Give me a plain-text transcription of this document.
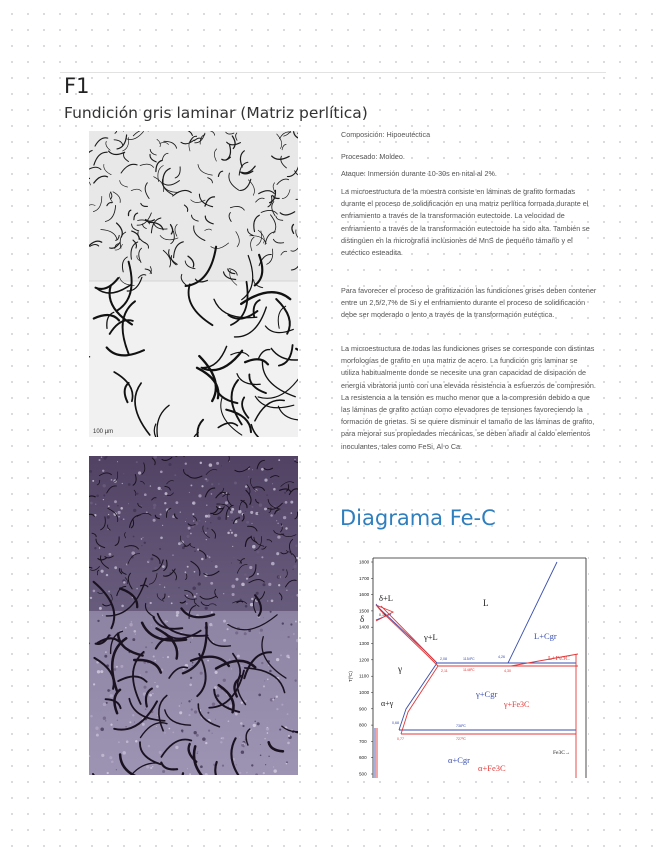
F1
Fundición gris laminar (Matriz perlítica)
100 µm
Composición: Hipoeutéctica
Procesado: Moldeo.
Ataque: Inmersión durante 10-30s en nital al 2%.
La microestructura de la muestra consiste en láminas de grafito formadas durante el proceso de solidificación en una matriz perlítica formada durante el enfriamiento a través de la transformación eutectoide. La velocidad de enfriamiento a través de la transformación eutectoide ha sido alta. También se distinguen en la micrografía inclusiones de MnS de pequeño tamaño y el eutéctico esteadita.
Para favorecer el proceso de grafitización las fundiciones grises deben contener entre un 2,5/2,7% de Si y el enfriamiento durante el proceso de solidificación debe ser moderado o lento a través de la transformación eutéctica.
La microestructura de todas las fundiciones grises se corresponde con distintas morfologías de grafito en una matriz de acero. La fundición gris laminar se utiliza habitualmente donde se necesite una gran capacidad de disipación de energía vibratoria junto con una elevada resistencia a esfuerzos de compresión. La resistencia a la tensión es mucho menor que a la compresión debido a que las láminas de grafito actúan como elevadores de tensiones favoreciendo la formación de grietas. Si se quiere disminuir el tamaño de las láminas de grafito, para mejorar sus propiedades mecánicas, se deben añadir al caldo elementos inoculantes, tales como FeSi, Al o Ca.
Diagrama Fe-C
1800
1700
1600
1500
1400
1300
1200
1100
1000
900
800
700
600
500
T(ºC)
δ+L
δ
L
γ+L	L+Cgr
L+Fe3C
γ
γ+Cgr
γ+Fe3C
α+γ
α+Cgr
α+Fe3C
Fe3C→
1154ºC
1148ºC
738ºC
727ºC
4,26
4,30
2,08
2,11
0,68
0,77
0,16
